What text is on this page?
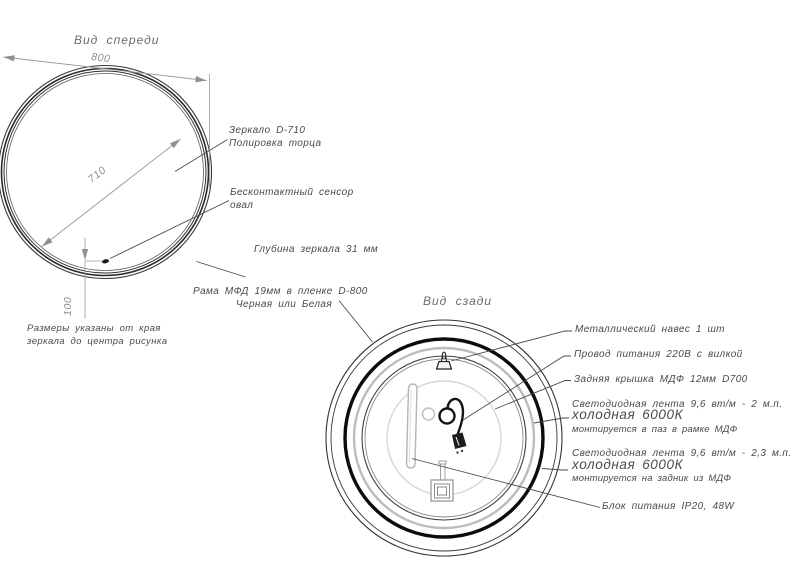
Вид спереди
800
710
100
Зеркало D-710
Полировка торца
Бесконтактный сенсор
овал
Глубина зеркала 31 мм
Рама МФД 19мм в пленке D-800
Черная или Белая
Размеры указаны от края
зеркала до центра рисунка
Вид сзади
Металлический навес 1 шт
Провод питания 220В с вилкой
Задняя крышка МДФ 12мм D700
Светодиодная лента 9,6 вт/м - 2 м.п.
холодная 6000К
монтируется в паз в рамке МДФ
Светодиодная лента 9,6 вт/м - 2,3 м.п.
холодная 6000К
монтируется на задник из МДФ
Блок питания IP20, 48W
